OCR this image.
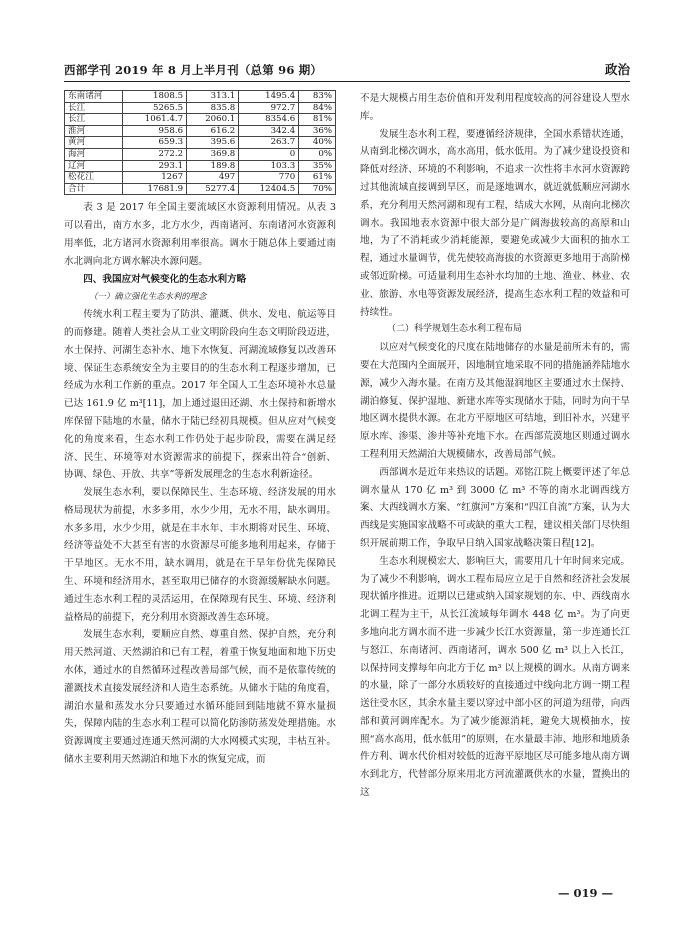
西部学刊 2019 年 8 月上半月刊（总第 96 期）	政治
东南诸河	1808.5	313.1	1495.4	83%
长江	5265.5	835.8	972.7	84%
长江	1061.4.7	2060.1	8354.6	81%
淮河	958.6	616.2	342.4	36%
黄河	659.3	395.6	263.7	40%
海河	272.2	369.8	0	0%
辽河	293.1	189.8	103.3	35%
松花江	1267	497	770	61%
合计	17681.9	5277.4	12404.5	70%

表 3 是 2017 年全国主要流域区水资源利用情况。从表 3 可以看出，南方水多，北方水少，西南诸河、东南诸河水资源利用率低，北方诸河水资源利用率很高。调水于随总体上要通过南水北调向北方调水解决水源问题。

四、我国应对气候变化的生态水利方略

（一）确立强化生态水利的理念

传统水利工程主要为了防洪、灌溉、供水、发电、航运等目的而修建。随着人类社会从工业文明阶段向生态文明阶段迈进，水土保持、河湖生态补水、地下水恢复、河湖流域修复以改善环境、保证生态系统安全为主要目的的生态水利工程逐步增加，已经成为水利工作新的重点。2017 年全国人工生态环境补水总量已达 161.9 亿 m³[11]，加上通过退田还湖、水土保持和新增水库保留下陆地的水量，储水于陆已经初具规模。但从应对气候变化的角度来看，生态水利工作仍处于起步阶段，需要在满足经济、民生、环境等对水资源需求的前提下，探索出符合“创新、协调、绿色、开放、共享”等新发展理念的生态水利新途径。

发展生态水利，要以保障民生、生态环境、经济发展的用水格局现状为前提，水多多用，水少少用，无水不用，缺水调用。水多多用，水少少用，就是在丰水年、丰水期将对民生、环境、经济等益处不大甚至有害的水资源尽可能多地利用起来，存储于干旱地区。无水不用，缺水调用，就是在干旱年份优先保障民生、环境和经济用水，甚至取用已储存的水资源缓解缺水问题。通过生态水利工程的灵活运用，在保障现有民生、环境、经济利益格局的前提下，充分利用水资源改善生态环境。

发展生态水利，要顺应自然、尊重自然、保护自然，充分利用天然河道、天然湖泊和已有工程，着重于恢复地面和地下历史水体，通过水的自然循环过程改善局部气候，而不是依靠传统的灌溉技术直接发展经济和人造生态系统。从储水于陆的角度看，湖泊水量和蒸发水分只要通过水循环能回到陆地就不算水量损失，保障内陆的生态水利工程可以简化防渗防蒸发处理措施。水资源调度主要通过连通天然河湖的大水网模式实现，丰枯互补。储水主要利用天然湖泊和地下水的恢复完成，而

不是大规模占用生态价值和开发利用程度较高的河谷建设人型水库。

发展生态水利工程，要遵循经济规律，全国水系错状连通，从南到北梯次调水，高水高用，低水低用。为了减少建设投资和降低对经济、环境的不利影响，不追求一次性将丰水河水资源跨过其他流域直接调到旱区，而是逐地调水，就近就低顺应河湖水系，充分利用天然河湖和现有工程，结成大水网，从南向北梯次调水。我国地表水资源中很大部分是广阔海拔较高的高原和山地，为了不消耗或少消耗能源，要避免或减少大面积的抽水工程，通过水量调节，优先使较高海拔的水资源更多地用于高阶梯或邻近阶梯。可适量利用生态补水均加的土地、渔业、林业、农业、旅游、水电等资源发展经济，提高生态水利工程的效益和可持续性。

（二）科学规划生态水利工程布局

以应对气候变化的尺度在陆地储存的水量是前所未有的，需要在大范围内全面展开，因地制宜地采取不同的措施涵养陆地水源，减少入海水量。在南方及其他湿润地区主要通过水土保持、湖泊修复、保护湿地、新建水库等实现储水于陆，同时为向干旱地区调水提供水源。在北方平原地区可结地，到旧补水，兴建平原水库、渗渠、渗井等补充地下水。在西部荒漠地区则通过调水工程利用天然湖泊大规模储水，改善局部气候。

西部调水是近年来热议的话题。邓铭江院上概要评述了年总调水量从 170 亿 m³ 到 3000 亿 m³ 不等的南水北调西线方案、大西线调水方案、“红旗河”方案和“四江自流”方案，认为大西线是实施国家战略不可或缺的重大工程，建议相关部门尽快组织开展前期工作，争取早日纳入国家战略决策日程[12]。

生态水利规模宏大、影响巨大，需要用几十年时间来完成。为了减少不利影响，调水工程布局应立足于自然和经济社会发展现状循序推进。近期以已建或纳入国家规划的东、中、西线南水北调工程为主干，从长江流域每年调水 448 亿 m³。为了向更多地向北方调水而不进一步减少长江水资源量，第一步连通长江与怒江、东南诸河、西南诸河，调水 500 亿 m³ 以上入长江，以保持同支撑每年向北方于亿 m³ 以上规模的调水。从南方调来的水量，除了一部分水质较好的直接通过中线向北方调一期工程送往受水区，其余水量主要以穿过中部小区的河道为纽带，向西部和黄河调库配水。为了减少能源消耗，避免大规模抽水，按照“高水高用，低水低用”的原则，在水量最丰沛、地形和地质条件方利、调水代价相对较低的近海平原地区尽可能多地从南方调水到北方，代替部分原来用北方河流灌溉供水的水量，置换出的这

— 019 —
